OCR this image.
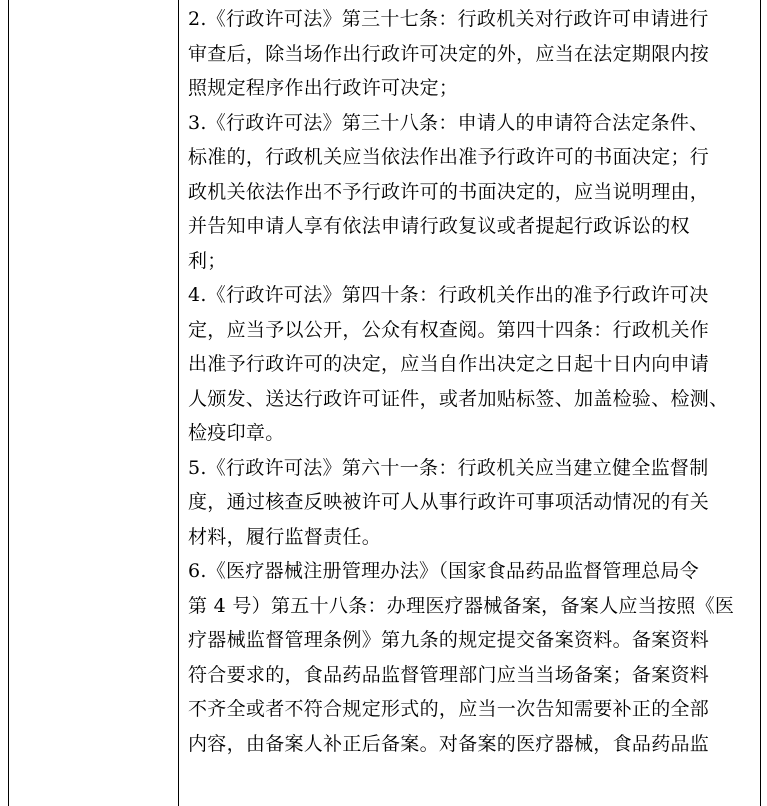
2.《行政许可法》第三十七条：行政机关对行政许可申请进行
审查后，除当场作出行政许可决定的外，应当在法定期限内按
照规定程序作出行政许可决定；
3.《行政许可法》第三十八条：申请人的申请符合法定条件、
标准的，行政机关应当依法作出准予行政许可的书面决定；行
政机关依法作出不予行政许可的书面决定的，应当说明理由，
并告知申请人享有依法申请行政复议或者提起行政诉讼的权
利；
4.《行政许可法》第四十条：行政机关作出的准予行政许可决
定，应当予以公开，公众有权查阅。第四十四条：行政机关作
出准予行政许可的决定，应当自作出决定之日起十日内向申请
人颁发、送达行政许可证件，或者加贴标签、加盖检验、检测、
检疫印章。
5.《行政许可法》第六十一条：行政机关应当建立健全监督制
度，通过核查反映被许可人从事行政许可事项活动情况的有关
材料，履行监督责任。
6.《医疗器械注册管理办法》（国家食品药品监督管理总局令
第 4 号）第五十八条：办理医疗器械备案，备案人应当按照《医
疗器械监督管理条例》第九条的规定提交备案资料。备案资料
符合要求的，食品药品监督管理部门应当当场备案；备案资料
不齐全或者不符合规定形式的，应当一次告知需要补正的全部
内容，由备案人补正后备案。对备案的医疗器械，食品药品监
